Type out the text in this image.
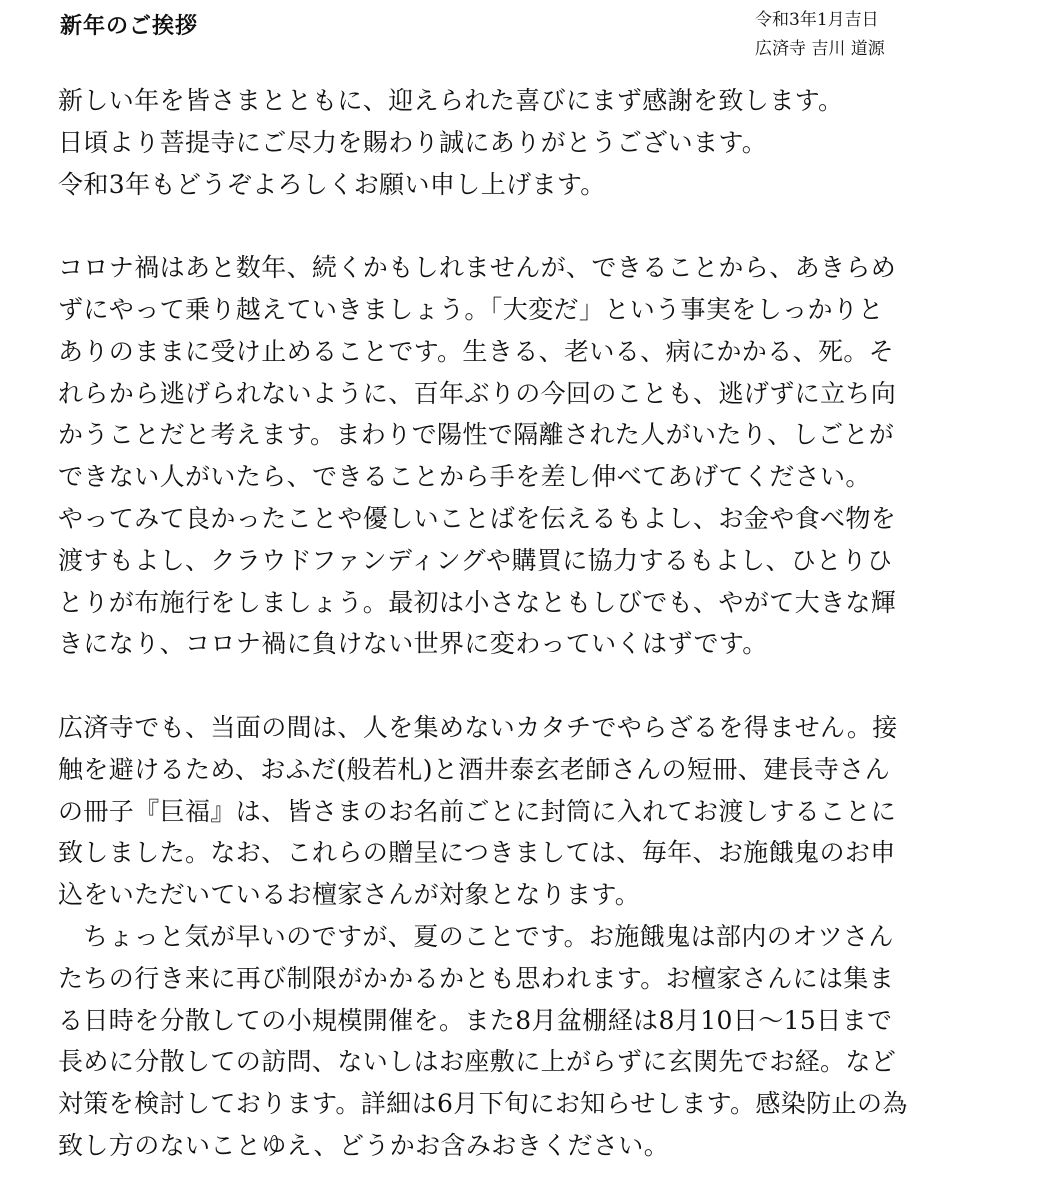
新年のご挨拶	令和3年1月吉日
広済寺 吉川 道源
新しい年を皆さまとともに、迎えられた喜びにまず感謝を致します。
日頃より菩提寺にご尽力を賜わり誠にありがとうございます。
令和3年もどうぞよろしくお願い申し上げます。
コロナ禍はあと数年、続くかもしれませんが、できることから、あきらめ
ずにやって乗り越えていきましょう。「大変だ」という事実をしっかりと
ありのままに受け止めることです。生きる、老いる、病にかかる、死。そ
れらから逃げられないように、百年ぶりの今回のことも、逃げずに立ち向
かうことだと考えます。まわりで陽性で隔離された人がいたり、しごとが
できない人がいたら、できることから手を差し伸べてあげてください。
やってみて良かったことや優しいことばを伝えるもよし、お金や食べ物を
渡すもよし、クラウドファンディングや購買に協力するもよし、ひとりひ
とりが布施行をしましょう。最初は小さなともしびでも、やがて大きな輝
きになり、コロナ禍に負けない世界に変わっていくはずです。
広済寺でも、当面の間は、人を集めないカタチでやらざるを得ません。接
触を避けるため、おふだ(般若札)と酒井泰玄老師さんの短冊、建長寺さん
の冊子『巨福』は、皆さまのお名前ごとに封筒に入れてお渡しすることに
致しました。なお、これらの贈呈につきましては、毎年、お施餓鬼のお申
込をいただいているお檀家さんが対象となります。
ちょっと気が早いのですが、夏のことです。お施餓鬼は部内のオツさん
たちの行き来に再び制限がかかるかとも思われます。お檀家さんには集ま
る日時を分散しての小規模開催を。また8月盆棚経は8月10日～15日まで
長めに分散しての訪問、ないしはお座敷に上がらずに玄関先でお経。など
対策を検討しております。詳細は6月下旬にお知らせします。感染防止の為
致し方のないことゆえ、どうかお含みおきください。
